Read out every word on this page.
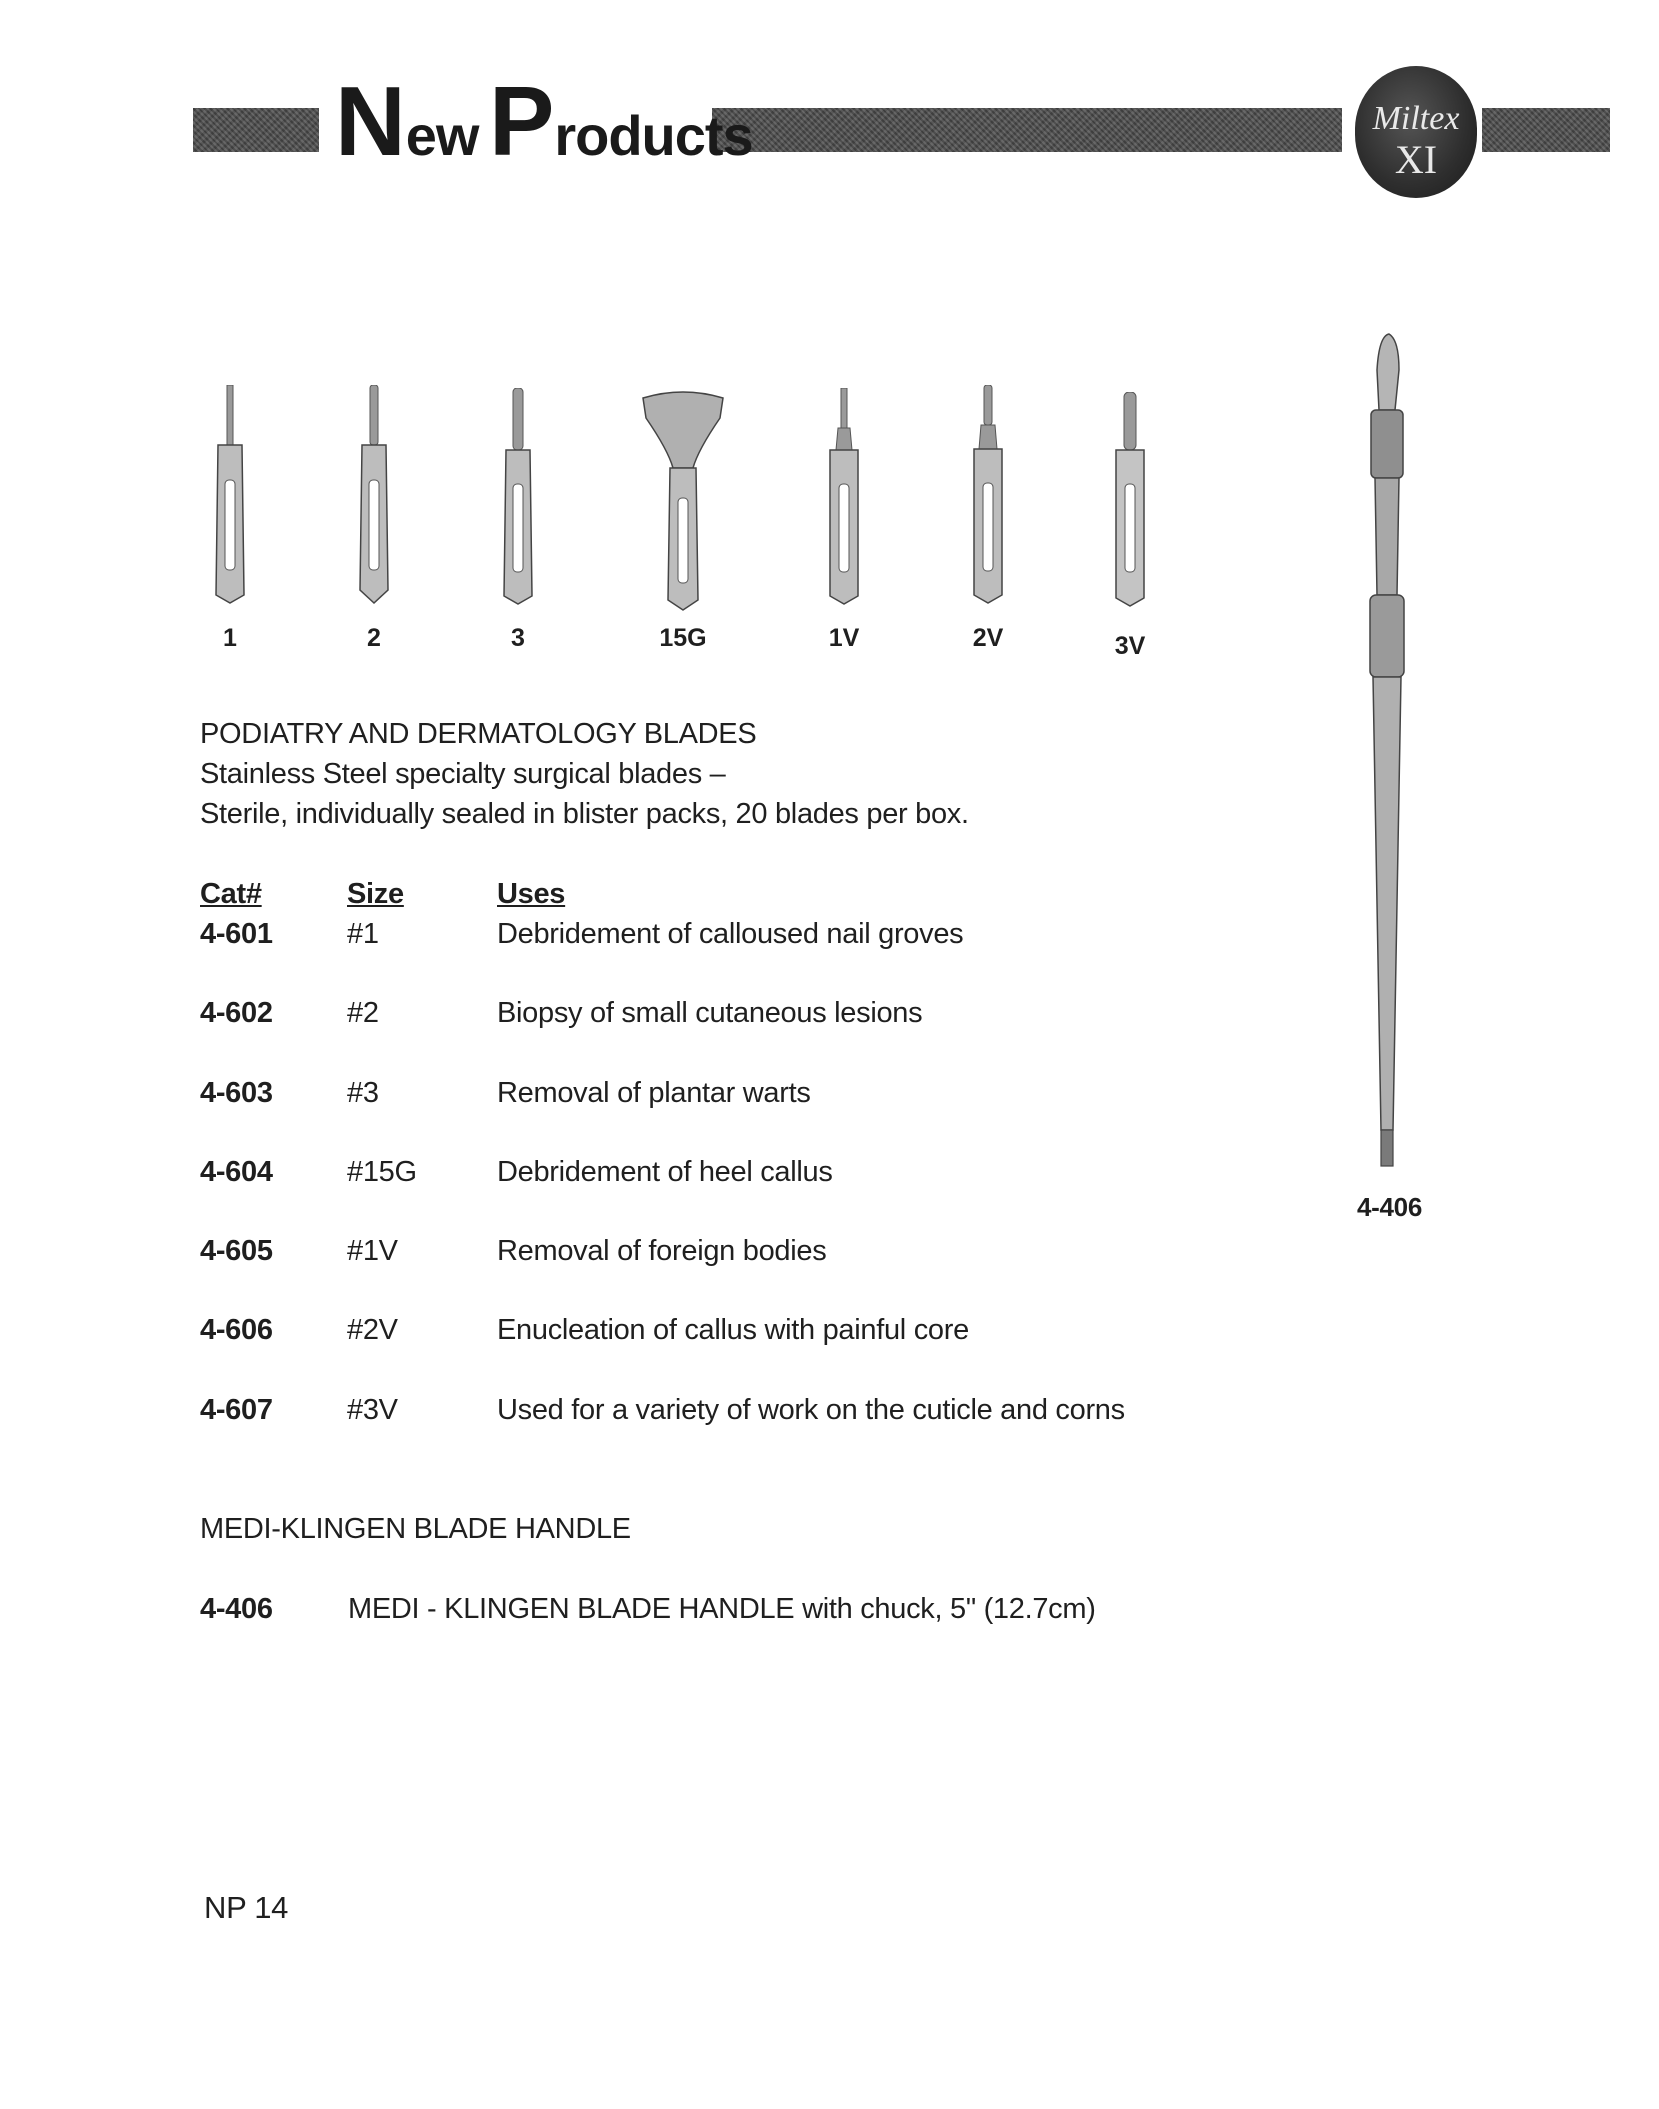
New Products	Miltex
XI
1	2	3	15G	1V	2V	3V
4-406
PODIATRY AND DERMATOLOGY BLADES
Stainless Steel specialty surgical blades –
Sterile, individually sealed in blister packs, 20 blades per box.
Cat#	Size	Uses
4-601	#1	Debridement of calloused nail groves
4-602	#2	Biopsy of small cutaneous lesions
4-603	#3	Removal of plantar warts
4-604	#15G	Debridement of heel callus
4-605	#1V	Removal of foreign bodies
4-606	#2V	Enucleation of callus with painful core
4-607	#3V	Used for a variety of work on the cuticle and corns
MEDI-KLINGEN BLADE HANDLE
4-406	MEDI - KLINGEN BLADE HANDLE with chuck, 5" (12.7cm)
NP 14
